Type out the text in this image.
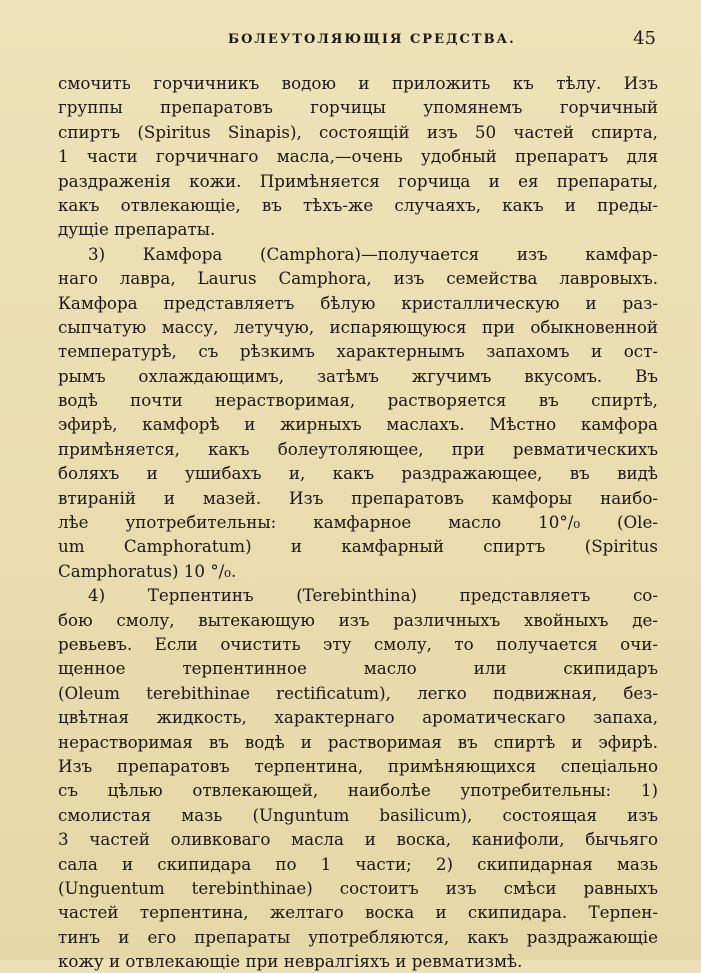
БОЛЕУТОЛЯЮЩIЯ СРЕДСТВА.	45
смочить горчичникъ водою и приложить къ тѣлу. Изъ
группы препаратовъ горчицы упомянемъ горчичный
спиртъ (Spiritus Sinapis), состоящiй изъ 50 частей спирта,
1 части горчичнаго масла,—очень удобный препаратъ для
раздраженiя кожи. Примѣняется горчица и ея препараты,
какъ отвлекающiе, въ тѣхъ-же случаяхъ, какъ и преды-
дущiе препараты.
3) Камфора (Camphora)—получается изъ камфар-
наго лавра, Laurus Camphora, изъ семейства лавровыхъ.
Камфора представляетъ бѣлую кристаллическую и раз-
сыпчатую массу, летучую, испаряющуюся при обыкновенной
температурѣ, съ рѣзкимъ характернымъ запахомъ и ост-
рымъ охлаждающимъ, затѣмъ жгучимъ вкусомъ. Въ
водѣ почти нерастворимая, растворяется въ спиртѣ,
эфирѣ, камфорѣ и жирныхъ маслахъ. Мѣстно камфора
примѣняется, какъ болеутоляющее, при ревматическихъ
боляхъ и ушибахъ и, какъ раздражающее, въ видѣ
втиранiй и мазей. Изъ препаратовъ камфоры наибо-
лѣе употребительны: камфарное масло 10°/₀ (Ole-
um Camphoratum) и камфарный спиртъ (Spiritus
Camphoratus) 10 °/₀.
4) Терпентинъ (Terebinthina) представляетъ со-
бою смолу, вытекающую изъ различныхъ хвойныхъ де-
ревьевъ. Если очистить эту смолу, то получается очи-
щенное терпентинное масло или скипидаръ
(Oleum terebithinae rectificatum), легко подвижная, без-
цвѣтная жидкость, характернаго ароматическаго запаха,
нерастворимая въ водѣ и растворимая въ спиртѣ и эфирѣ.
Изъ препаратовъ терпентина, примѣняющихся спецiально
съ цѣлью отвлекающей, наиболѣе употребительны: 1)
смолистая мазь (Unguntum basilicum), состоящая изъ
3 частей оливковаго масла и воска, канифоли, бычьяго
сала и скипидара по 1 части; 2) скипидарная мазь
(Unguentum terebinthinae) состоитъ изъ смѣси равныхъ
частей терпентина, желтаго воска и скипидара. Терпен-
тинъ и его препараты употребляются, какъ раздражающiе
кожу и отвлекающiе при невралгiяхъ и ревматизмѣ.
